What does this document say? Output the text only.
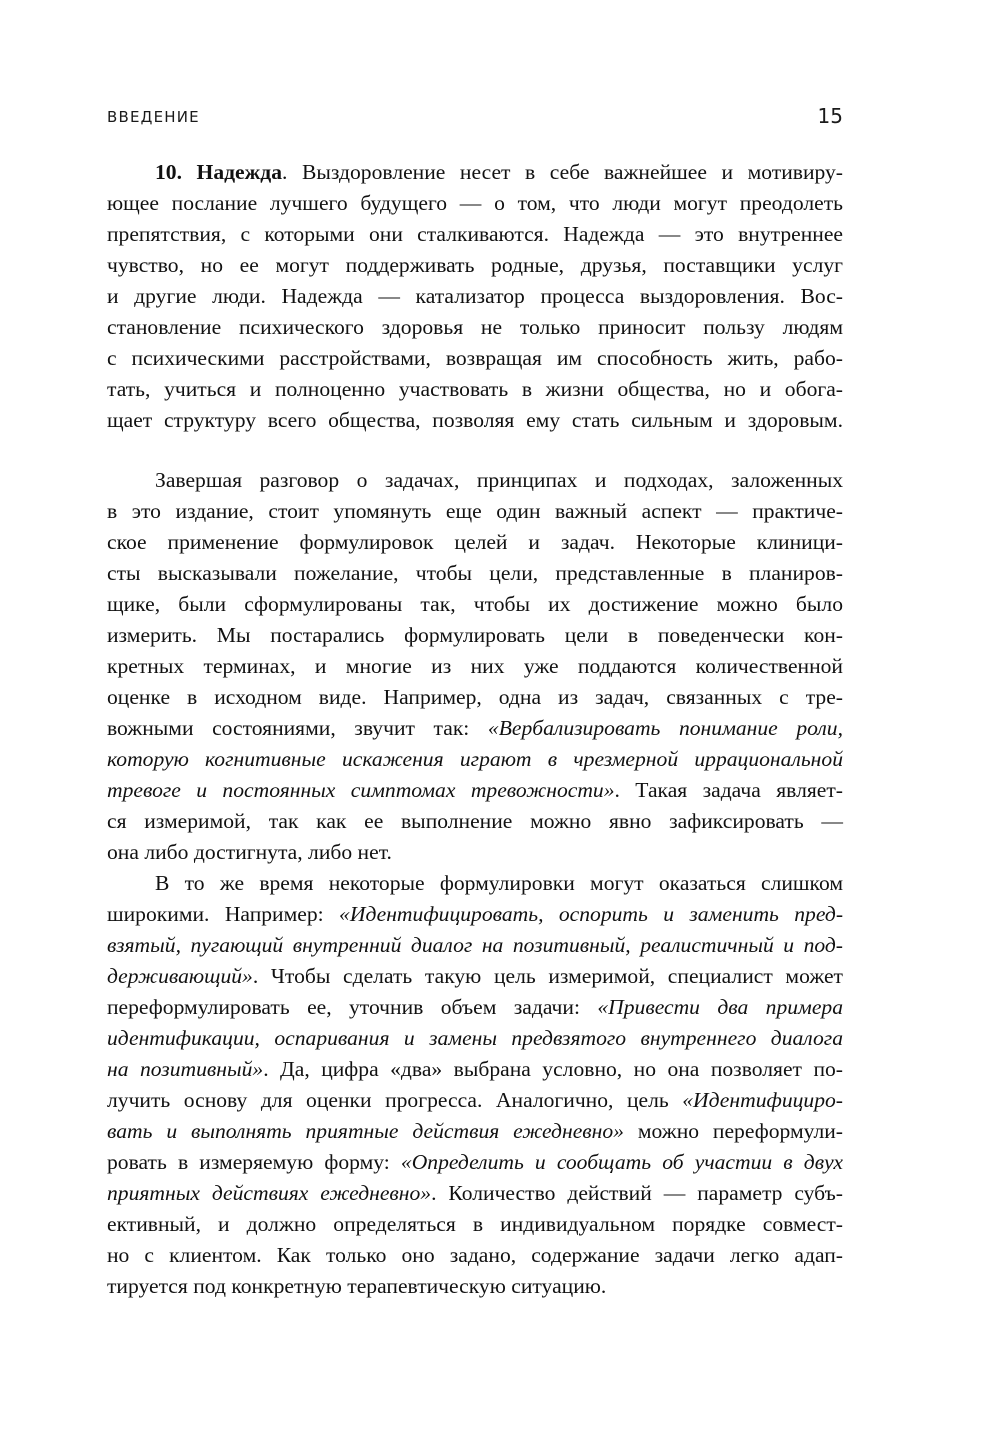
ВВЕДЕНИЕ	15
10. Надежда. Выздоровление несет в себе важнейшее и мотивиру-
ющее послание лучшего будущего — о том, что люди могут преодолеть
препятствия, с которыми они сталкиваются. Надежда — это внутреннее
чувство, но ее могут поддерживать родные, друзья, поставщики услуг
и другие люди. Надежда — катализатор процесса выздоровления. Вос-
становление психического здоровья не только приносит пользу людям
с психическими расстройствами, возвращая им способность жить, рабо-
тать, учиться и полноценно участвовать в жизни общества, но и обога-
щает структуру всего общества, позволяя ему стать сильным и здоровым.
Завершая разговор о задачах, принципах и подходах, заложенных
в это издание, стоит упомянуть еще один важный аспект — практиче-
ское применение формулировок целей и задач. Некоторые клиници-
сты высказывали пожелание, чтобы цели, представленные в планиров-
щике, были сформулированы так, чтобы их достижение можно было
измерить. Мы постарались формулировать цели в поведенчески кон-
кретных терминах, и многие из них уже поддаются количественной
оценке в исходном виде. Например, одна из задач, связанных с тре-
вожными состояниями, звучит так: «Вербализировать понимание роли,
которую когнитивные искажения играют в чрезмерной иррациональной
тревоге и постоянных симптомах тревожности». Такая задача являет-
ся измеримой, так как ее выполнение можно явно зафиксировать —
она либо достигнута, либо нет.
В то же время некоторые формулировки могут оказаться слишком
широкими. Например: «Идентифицировать, оспорить и заменить пред-
взятый, пугающий внутренний диалог на позитивный, реалистичный и под-
держивающий». Чтобы сделать такую цель измеримой, специалист может
переформулировать ее, уточнив объем задачи: «Привести два примера
идентификации, оспаривания и замены предвзятого внутреннего диалога
на позитивный». Да, цифра «два» выбрана условно, но она позволяет по-
лучить основу для оценки прогресса. Аналогично, цель «Идентифициро-
вать и выполнять приятные действия ежедневно» можно переформули-
ровать в измеряемую форму: «Определить и сообщать об участии в двух
приятных действиях ежедневно». Количество действий — параметр субъ-
ективный, и должно определяться в индивидуальном порядке совмест-
но с клиентом. Как только оно задано, содержание задачи легко адап-
тируется под конкретную терапевтическую ситуацию.
